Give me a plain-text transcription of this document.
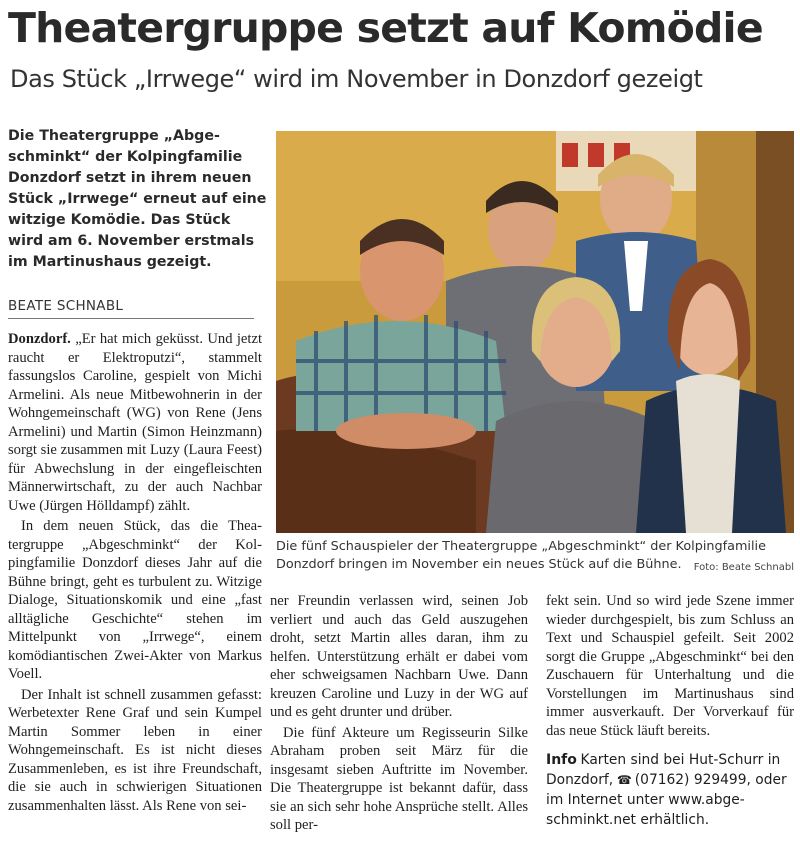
Theatergruppe setzt auf Komödie
Das Stück „Irrwege“ wird im November in Donzdorf gezeigt

Die Theatergruppe „Abgeschminkt“ der Kolpingfamilie Donzdorf setzt in ihrem neuen Stück „Irrwege“ erneut auf eine witzige Komödie. Das Stück wird am 6. November erstmals im Martinushaus gezeigt.

BEATE SCHNABL

Donzdorf. „Er hat mich geküsst. Und jetzt raucht er Elektroputzi“, stammelt fassungslos Caroline, gespielt von Michi Armelini. Als neue Mitbewohnerin in der Wohngemeinschaft (WG) von Rene (Jens Armelini) und Martin (Simon Heinzmann) sorgt sie zusammen mit Luzy (Laura Feest) für Abwechslung in der eingefleischten Männerwirtschaft, zu der auch Nachbar Uwe (Jürgen Hölldampf) zählt.

In dem neuen Stück, das die Theatergruppe „Abgeschminkt“ der Kolpingfamilie Donzdorf dieses Jahr auf die Bühne bringt, geht es turbulent zu. Witzige Dialoge, Situationskomik und eine „fast alltägliche Geschichte“ stehen im Mittelpunkt von „Irrwege“, einem komödiantischen Zwei-Akter von Markus Voell.

Der Inhalt ist schnell zusammen gefasst: Werbetexter Rene Graf und sein Kumpel Martin Sommer leben in einer Wohngemeinschaft. Es ist nicht dieses Zusammenleben, es ist ihre Freundschaft, die sie auch in schwierigen Situationen zusammenhalten lässt. Als Rene von sei-

Die fünf Schauspieler der Theatergruppe „Abgeschminkt“ der Kolpingfamilie Donzdorf bringen im November ein neues Stück auf die Bühne.	Foto: Beate Schnabl

ner Freundin verlassen wird, seinen Job verliert und auch das Geld auszugehen droht, setzt Martin alles daran, ihm zu helfen. Unterstützung erhält er dabei vom eher schweigsamen Nachbarn Uwe. Dann kreuzen Caroline und Luzy in der WG auf und es geht drunter und drüber.

Die fünf Akteure um Regisseurin Silke Abraham proben seit März für die insgesamt sieben Auftritte im November. Die Theatergruppe ist bekannt dafür, dass sie an sich sehr hohe Ansprüche stellt. Alles soll per-

fekt sein. Und so wird jede Szene immer wieder durchgespielt, bis zum Schluss an Text und Schauspiel gefeilt. Seit 2002 sorgt die Gruppe „Abgeschminkt“ bei den Zuschauern für Unterhaltung und die Vorstellungen im Martinushaus sind immer ausverkauft. Der Vorverkauf für das neue Stück läuft bereits.

Info Karten sind bei Hut-Schurr in Donzdorf, ☎ (07162) 929499, oder im Internet unter www.abge-schminkt.net erhältlich.
